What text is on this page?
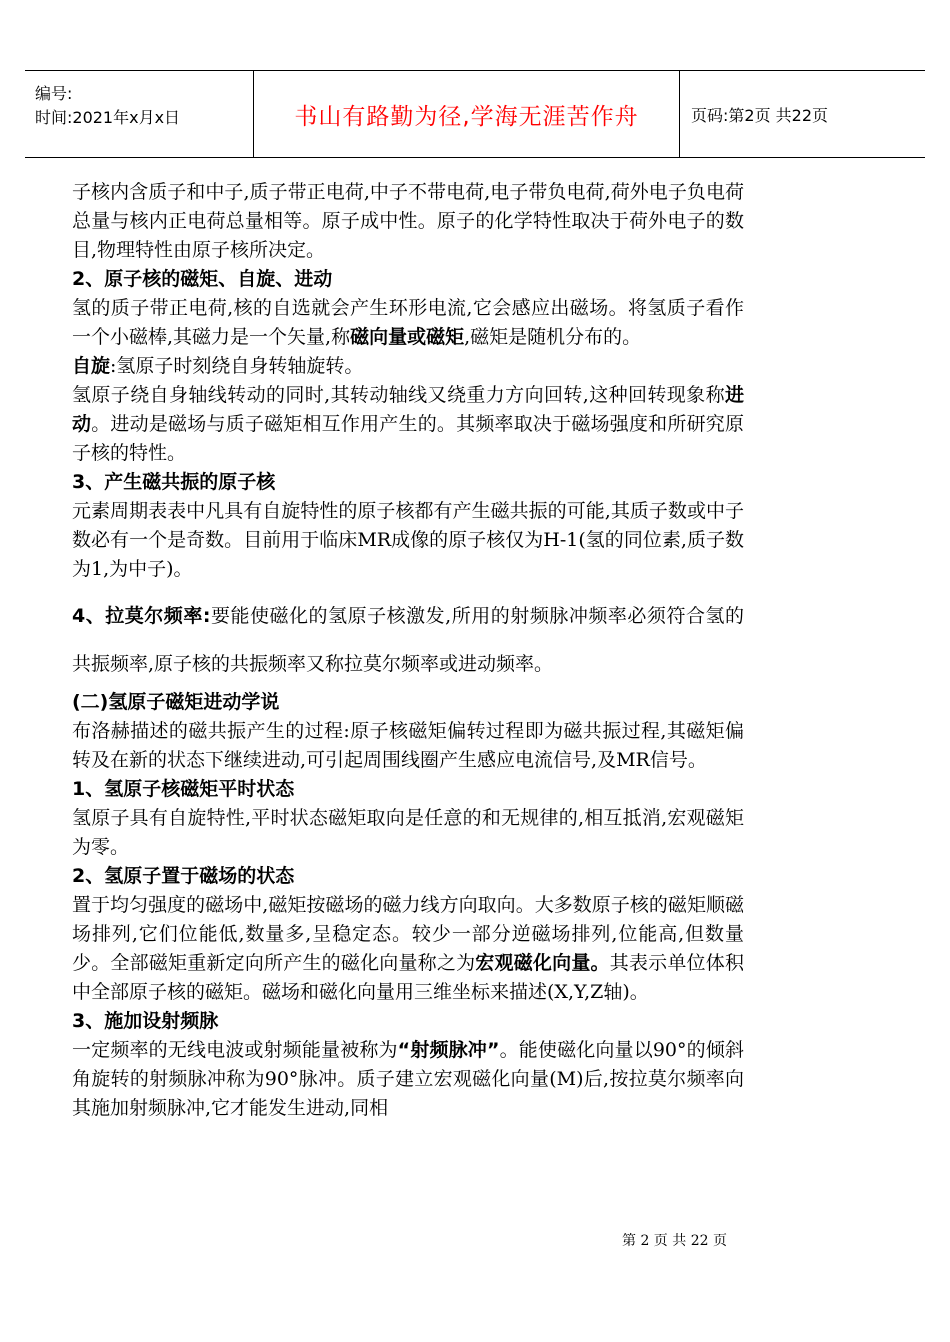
编号:
时间:2021年x月x日	书山有路勤为径,学海无涯苦作舟	页码:第2页 共22页

子核内含质子和中子,质子带正电荷,中子不带电荷,电子带负电荷,荷外电子负电荷总量与核内正电荷总量相等。原子成中性。原子的化学特性取决于荷外电子的数目,物理特性由原子核所决定。

2、原子核的磁矩、自旋、进动

氢的质子带正电荷,核的自选就会产生环形电流,它会感应出磁场。将氢质子看作一个小磁棒,其磁力是一个矢量,称磁向量或磁矩,磁矩是随机分布的。

自旋:氢原子时刻绕自身转轴旋转。

氢原子绕自身轴线转动的同时,其转动轴线又绕重力方向回转,这种回转现象称进动。进动是磁场与质子磁矩相互作用产生的。其频率取决于磁场强度和所研究原子核的特性。

3、产生磁共振的原子核

元素周期表表中凡具有自旋特性的原子核都有产生磁共振的可能,其质子数或中子数必有一个是奇数。目前用于临床MR成像的原子核仅为H-1(氢的同位素,质子数为1,为中子)。

4、拉莫尔频率:要能使磁化的氢原子核激发,所用的射频脉冲频率必须符合氢的共振频率,原子核的共振频率又称拉莫尔频率或进动频率。

(二)氢原子磁矩进动学说

布洛赫描述的磁共振产生的过程:原子核磁矩偏转过程即为磁共振过程,其磁矩偏转及在新的状态下继续进动,可引起周围线圈产生感应电流信号,及MR信号。

1、氢原子核磁矩平时状态

氢原子具有自旋特性,平时状态磁矩取向是任意的和无规律的,相互抵消,宏观磁矩为零。

2、氢原子置于磁场的状态

置于均匀强度的磁场中,磁矩按磁场的磁力线方向取向。大多数原子核的磁矩顺磁场排列,它们位能低,数量多,呈稳定态。较少一部分逆磁场排列,位能高,但数量少。全部磁矩重新定向所产生的磁化向量称之为宏观磁化向量。其表示单位体积中全部原子核的磁矩。磁场和磁化向量用三维坐标来描述(X,Y,Z轴)。

3、施加设射频脉

一定频率的无线电波或射频能量被称为“射频脉冲”。能使磁化向量以90°的倾斜角旋转的射频脉冲称为90°脉冲。质子建立宏观磁化向量(M)后,按拉莫尔频率向其施加射频脉冲,它才能发生进动,同相

第 2 页 共 22 页
